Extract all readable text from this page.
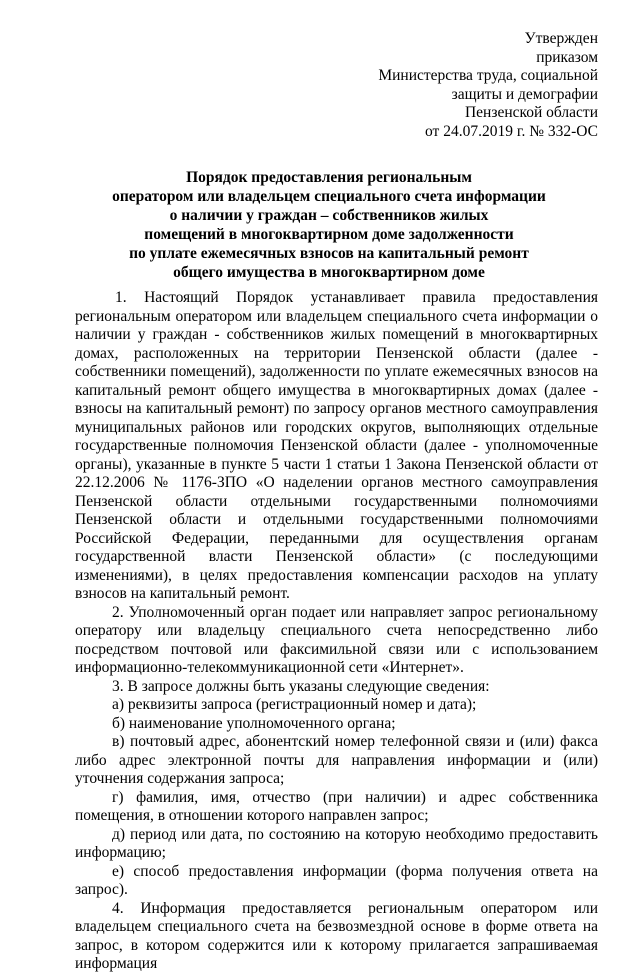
Утвержден
приказом
Министерства труда, социальной
защиты и демографии
Пензенской области
от 24.07.2019 г. № 332-ОС
Порядок предоставления региональным
оператором или владельцем специального счета информации
о наличии у граждан – собственников жилых
помещений в многоквартирном доме задолженности
по уплате ежемесячных взносов на капитальный ремонт
общего имущества в многоквартирном доме

1. Настоящий Порядок устанавливает правила предоставления региональным оператором или владельцем специального счета информации о наличии у граждан - собственников жилых помещений в многоквартирных домах, расположенных на территории Пензенской области (далее - собственники помещений), задолженности по уплате ежемесячных взносов на капитальный ремонт общего имущества в многоквартирных домах (далее - взносы на капитальный ремонт) по запросу органов местного самоуправления муниципальных районов или городских округов, выполняющих отдельные государственные полномочия Пензенской области (далее - уполномоченные органы), указанные в пункте 5 части 1 статьи 1 Закона Пензенской области от 22.12.2006 № 1176-ЗПО «О наделении органов местного самоуправления Пензенской области отдельными государственными полномочиями Пензенской области и отдельными государственными полномочиями Российской Федерации, переданными для осуществления органам государственной власти Пензенской области» (с последующими изменениями), в целях предоставления компенсации расходов на уплату взносов на капитальный ремонт.

2. Уполномоченный орган подает или направляет запрос региональному оператору или владельцу специального счета непосредственно либо посредством почтовой или факсимильной связи или с использованием информационно-телекоммуникационной сети «Интернет».

3. В запросе должны быть указаны следующие сведения:

а) реквизиты запроса (регистрационный номер и дата);

б) наименование уполномоченного органа;

в) почтовый адрес, абонентский номер телефонной связи и (или) факса либо адрес электронной почты для направления информации и (или) уточнения содержания запроса;

г) фамилия, имя, отчество (при наличии) и адрес собственника помещения, в отношении которого направлен запрос;

д) период или дата, по состоянию на которую необходимо предоставить информацию;

е) способ предоставления информации (форма получения ответа на запрос).

4. Информация предоставляется региональным оператором или владельцем специального счета на безвозмездной основе в форме ответа на запрос, в котором содержится или к которому прилагается запрашиваемая информация
